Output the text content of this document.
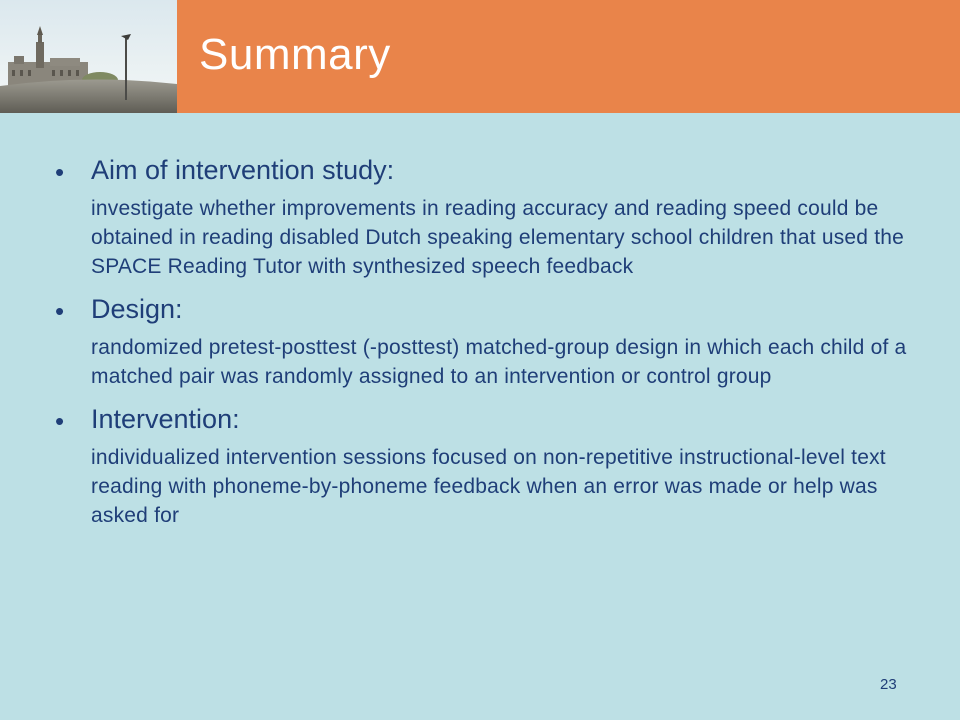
Summary
• Aim of intervention study:
investigate whether improvements in reading accuracy and reading speed could be obtained in reading disabled Dutch speaking elementary school children that used the SPACE Reading Tutor with synthesized speech feedback
• Design:
randomized pretest-posttest (-posttest) matched-group design in which each child of a matched pair was randomly assigned to an intervention or control group
• Intervention:
individualized intervention sessions focused on non-repetitive instructional-level text reading with phoneme-by-phoneme feedback when an error was made or help was asked for
23
